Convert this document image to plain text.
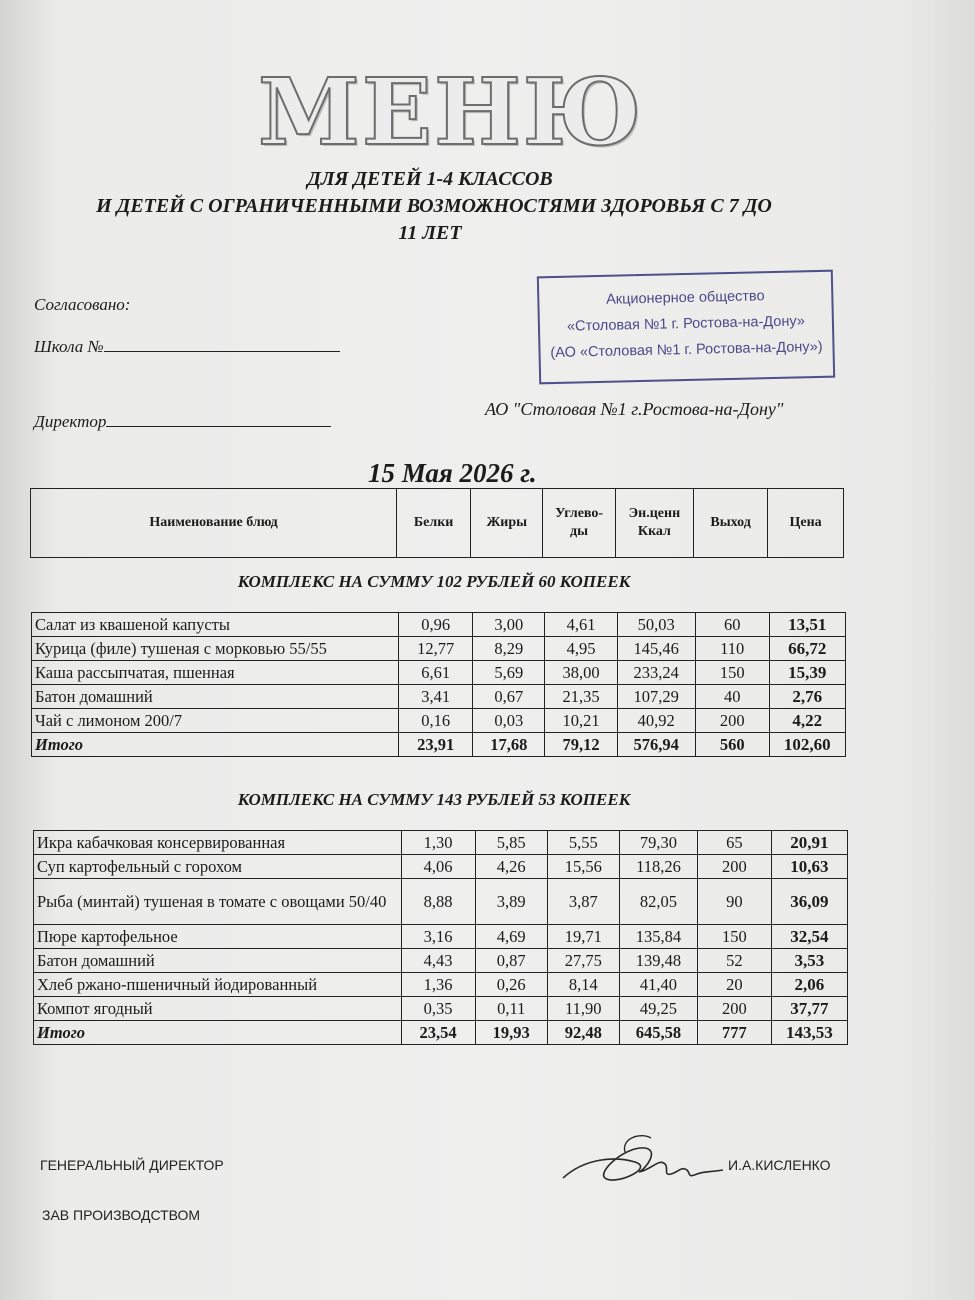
МЕНЮ
ДЛЯ ДЕТЕЙ 1-4 КЛАССОВ
И ДЕТЕЙ С ОГРАНИЧЕННЫМИ ВОЗМОЖНОСТЯМИ ЗДОРОВЬЯ С 7 ДО
11 ЛЕТ
Согласовано:
Школа №
Директор
Акционерное общество
«Столовая №1 г. Ростова-на-Дону»
(АО «Столовая №1 г. Ростова-на-Дону»)
АО "Столовая №1 г.Ростова-на-Дону"
15 Мая 2026 г.
Наименование блюд	Белки	Жиры	Углево-ды	Эн.ценн Ккал	Выход	Цена
КОМПЛЕКС НА СУММУ 102 РУБЛЕЙ 60 КОПЕЕК
Салат из квашеной капусты	0,96	3,00	4,61	50,03	60	13,51
Курица (филе) тушеная с морковью 55/55	12,77	8,29	4,95	145,46	110	66,72
Каша рассыпчатая, пшенная	6,61	5,69	38,00	233,24	150	15,39
Батон домашний	3,41	0,67	21,35	107,29	40	2,76
Чай с лимоном 200/7	0,16	0,03	10,21	40,92	200	4,22
Итого	23,91	17,68	79,12	576,94	560	102,60
КОМПЛЕКС НА СУММУ 143 РУБЛЕЙ 53 КОПЕЕК
Икра кабачковая консервированная	1,30	5,85	5,55	79,30	65	20,91
Суп картофельный с горохом	4,06	4,26	15,56	118,26	200	10,63
Рыба (минтай) тушеная в томате с овощами 50/40	8,88	3,89	3,87	82,05	90	36,09
Пюре картофельное	3,16	4,69	19,71	135,84	150	32,54
Батон домашний	4,43	0,87	27,75	139,48	52	3,53
Хлеб ржано-пшеничный йодированный	1,36	0,26	8,14	41,40	20	2,06
Компот ягодный	0,35	0,11	11,90	49,25	200	37,77
Итого	23,54	19,93	92,48	645,58	777	143,53
ГЕНЕРАЛЬНЫЙ ДИРЕКТОР	И.А.КИСЛЕНКО
ЗАВ ПРОИЗВОДСТВОМ
